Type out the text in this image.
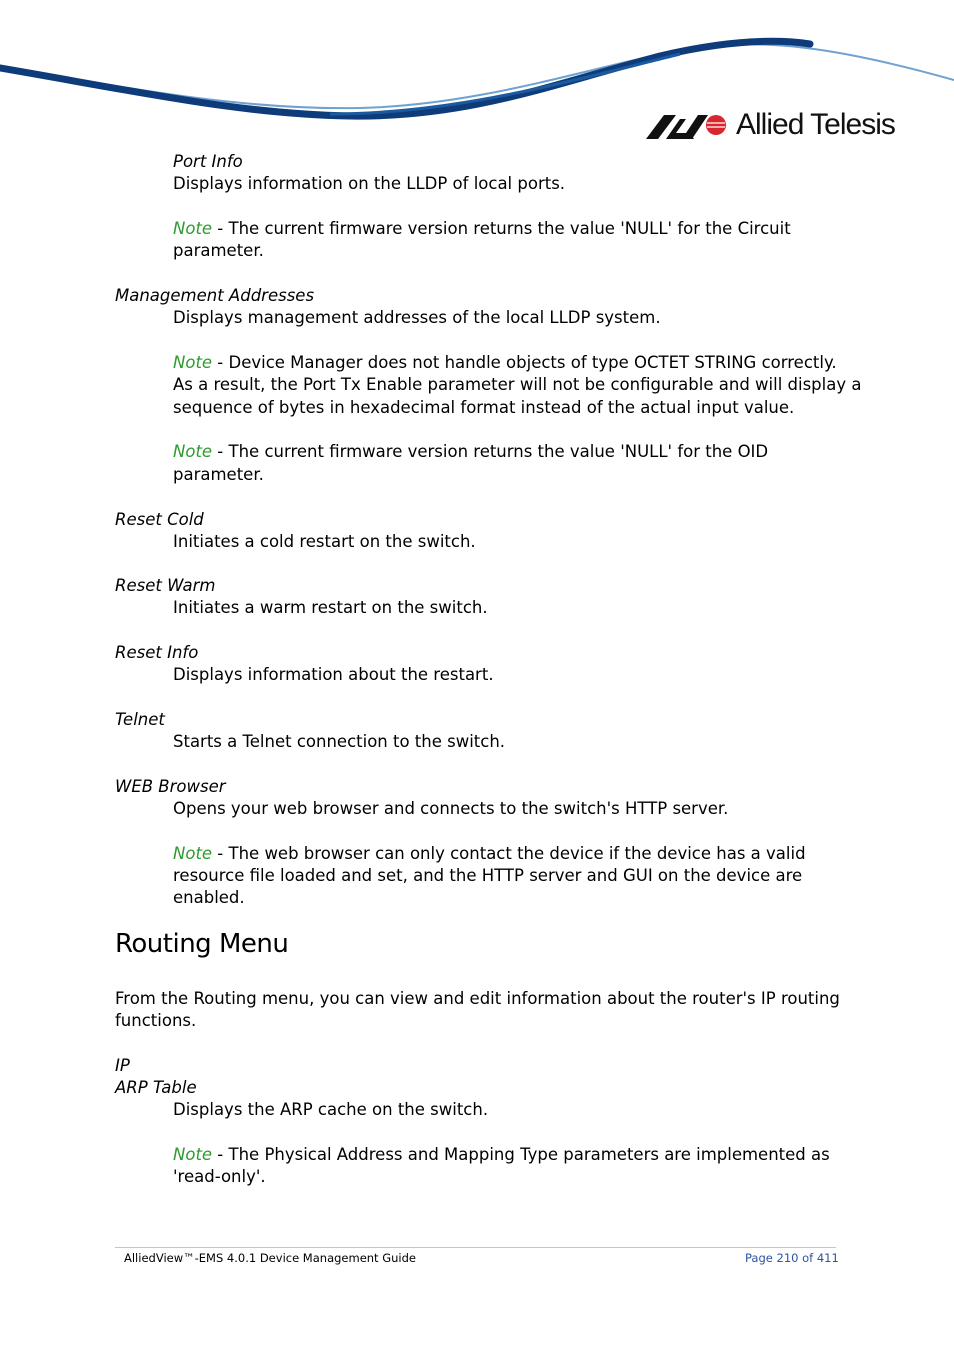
Allied Telesis
Port Info
Displays information on the LLDP of local ports.
Note - The current firmware version returns the value 'NULL' for the Circuit
parameter.
Management Addresses
Displays management addresses of the local LLDP system.
Note - Device Manager does not handle objects of type OCTET STRING correctly.
As a result, the Port Tx Enable parameter will not be configurable and will display a
sequence of bytes in hexadecimal format instead of the actual input value.
Note - The current firmware version returns the value 'NULL' for the OID
parameter.
Reset Cold
Initiates a cold restart on the switch.
Reset Warm
Initiates a warm restart on the switch.
Reset Info
Displays information about the restart.
Telnet
Starts a Telnet connection to the switch.
WEB Browser
Opens your web browser and connects to the switch's HTTP server.
Note - The web browser can only contact the device if the device has a valid
resource file loaded and set, and the HTTP server and GUI on the device are
enabled.
Routing Menu
From the Routing menu, you can view and edit information about the router's IP routing
functions.
IP
ARP Table
Displays the ARP cache on the switch.
Note - The Physical Address and Mapping Type parameters are implemented as
'read-only'.
AlliedView™-EMS 4.0.1 Device Management Guide	Page 210 of 411
